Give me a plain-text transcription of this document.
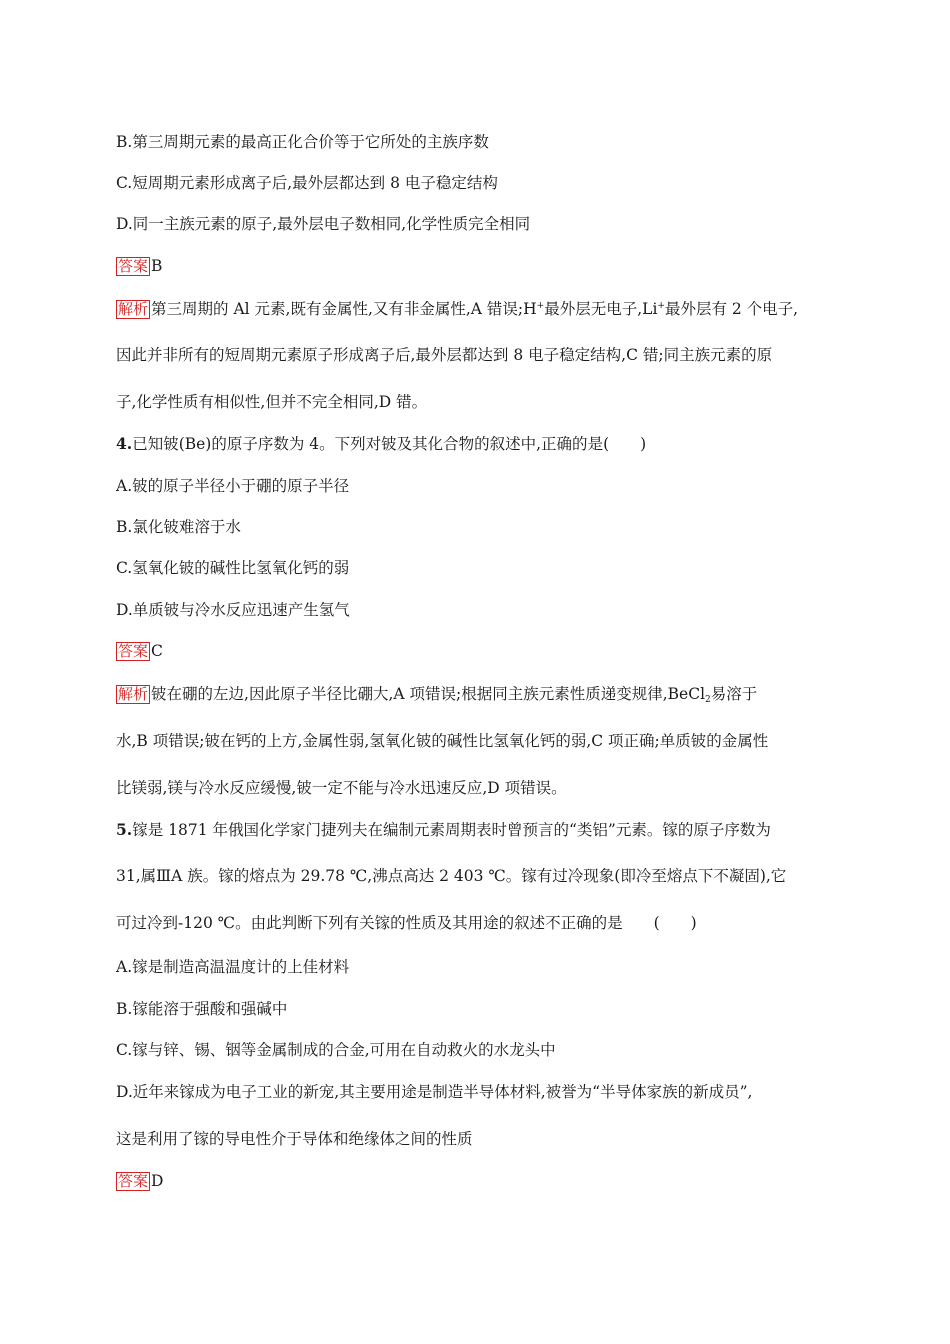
B.第三周期元素的最高正化合价等于它所处的主族序数
C.短周期元素形成离子后,最外层都达到 8 电子稳定结构
D.同一主族元素的原子,最外层电子数相同,化学性质完全相同
答案 B
解析 第三周期的 Al 元素,既有金属性,又有非金属性,A 错误;H+最外层无电子,Li+最外层有 2 个电子,
因此并非所有的短周期元素原子形成离子后,最外层都达到 8 电子稳定结构,C 错;同主族元素的原
子,化学性质有相似性,但并不完全相同,D 错。
4.已知铍(Be)的原子序数为 4。下列对铍及其化合物的叙述中,正确的是(　　)
A.铍的原子半径小于硼的原子半径
B.氯化铍难溶于水
C.氢氧化铍的碱性比氢氧化钙的弱
D.单质铍与冷水反应迅速产生氢气
答案 C
解析 铍在硼的左边,因此原子半径比硼大,A 项错误;根据同主族元素性质递变规律,BeCl$_2$易溶于
水,B 项错误;铍在钙的上方,金属性弱,氢氧化铍的碱性比氢氧化钙的弱,C 项正确;单质铍的金属性
比镁弱,镁与冷水反应缓慢,铍一定不能与冷水迅速反应,D 项错误。
5.镓是 1871 年俄国化学家门捷列夫在编制元素周期表时曾预言的“类铝”元素。镓的原子序数为
31,属ⅢA 族。镓的熔点为 29.78 ℃,沸点高达 2 403 ℃。镓有过冷现象(即冷至熔点下不凝固),它
可过冷到-120 ℃。由此判断下列有关镓的性质及其用途的叙述不正确的是　　(　　)
A.镓是制造高温温度计的上佳材料
B.镓能溶于强酸和强碱中
C.镓与锌、锡、铟等金属制成的合金,可用在自动救火的水龙头中
D.近年来镓成为电子工业的新宠,其主要用途是制造半导体材料,被誉为“半导体家族的新成员”,
这是利用了镓的导电性介于导体和绝缘体之间的性质
答案 D
